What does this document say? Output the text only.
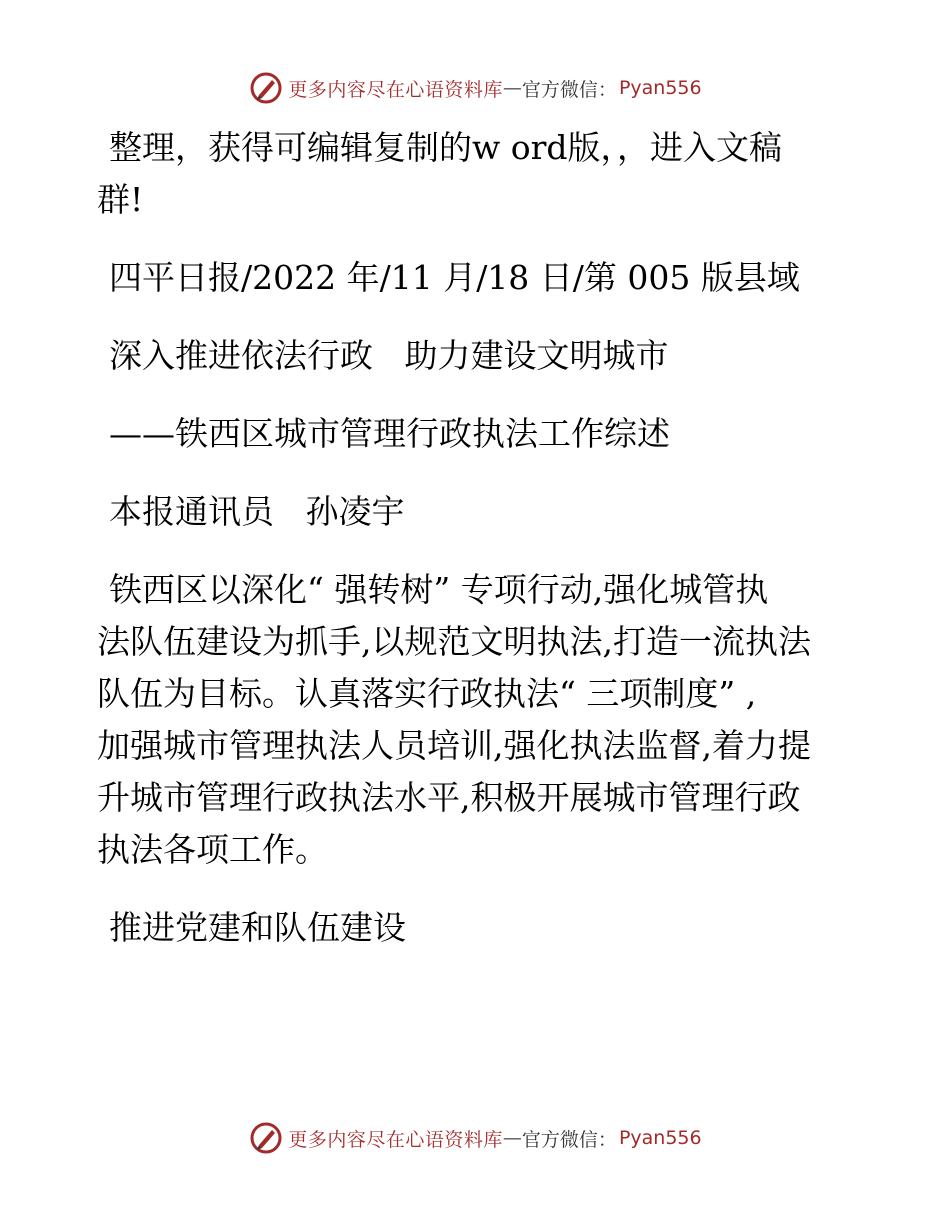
更多内容尽在心语资料库 — 官方微信： Pyan556

整理，获得可编辑复制的w ord版，，进入文稿
群!

四平日报/2022 年/11 月/18 日/第 005 版县域

深入推进依法行政   助力建设文明城市

——铁西区城市管理行政执法工作综述

本报通讯员   孙凌宇

铁西区以深化“ 强转树” 专项行动,强化城管执
法队伍建设为抓手,以规范文明执法,打造一流执法
队伍为目标。认真落实行政执法“ 三项制度” ,
加强城市管理执法人员培训,强化执法监督,着力提
升城市管理行政执法水平,积极开展城市管理行政
执法各项工作。

推进党建和队伍建设

更多内容尽在心语资料库 — 官方微信： Pyan556
